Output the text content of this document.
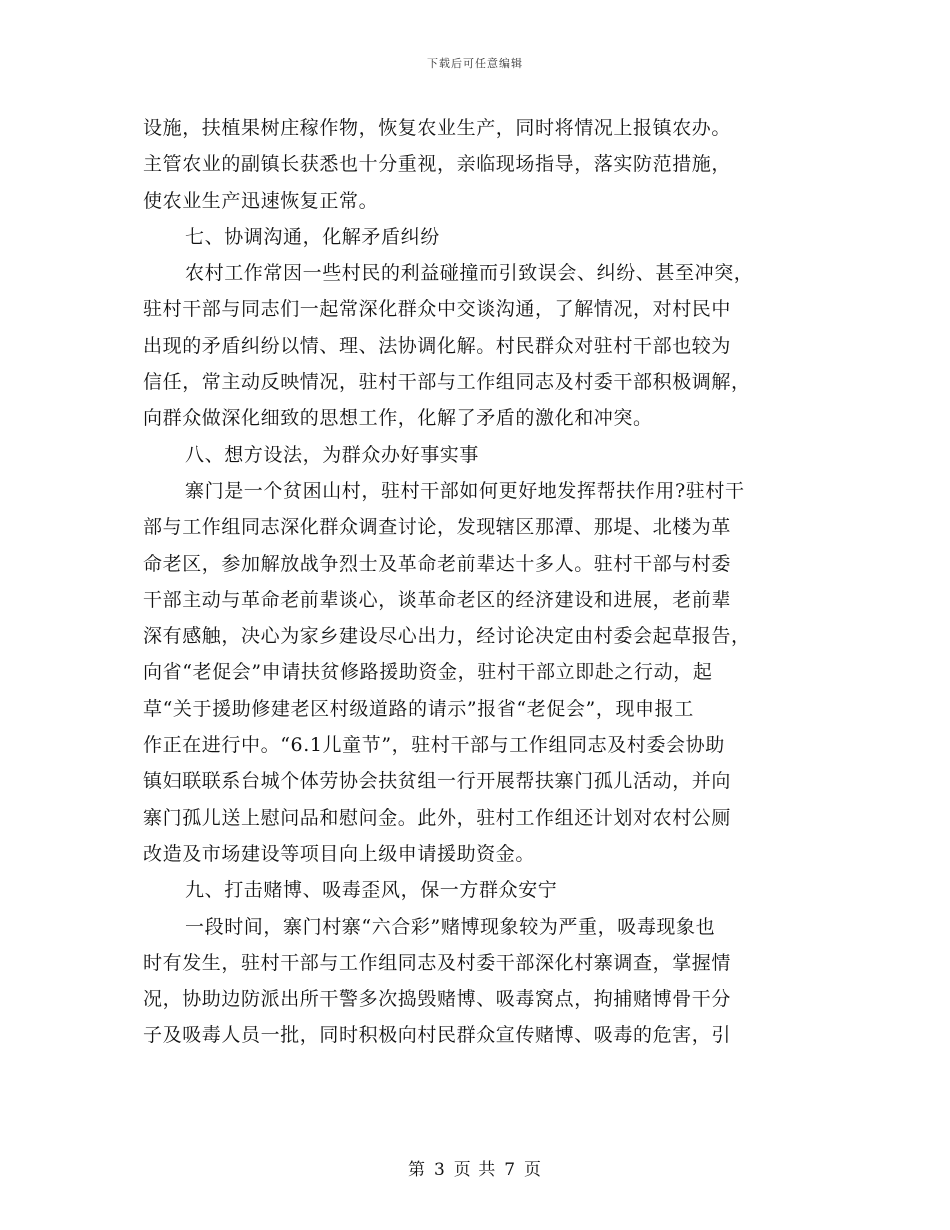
下载后可任意编辑
设施，扶植果树庄稼作物，恢复农业生产，同时将情况上报镇农办。
主管农业的副镇长获悉也十分重视，亲临现场指导，落实防范措施，
使农业生产迅速恢复正常。
七、协调沟通，化解矛盾纠纷
农村工作常因一些村民的利益碰撞而引致误会、纠纷、甚至冲突，
驻村干部与同志们一起常深化群众中交谈沟通，了解情况，对村民中
出现的矛盾纠纷以情、理、法协调化解。村民群众对驻村干部也较为
信任，常主动反映情况，驻村干部与工作组同志及村委干部积极调解，
向群众做深化细致的思想工作，化解了矛盾的激化和冲突。
八、想方设法，为群众办好事实事
寨门是一个贫困山村，驻村干部如何更好地发挥帮扶作用?驻村干
部与工作组同志深化群众调查讨论，发现辖区那潭、那堤、北楼为革
命老区，参加解放战争烈士及革命老前辈达十多人。驻村干部与村委
干部主动与革命老前辈谈心，谈革命老区的经济建设和进展，老前辈
深有感触，决心为家乡建设尽心出力，经讨论决定由村委会起草报告，
向省“老促会”申请扶贫修路援助资金，驻村干部立即赴之行动，起
草“关于援助修建老区村级道路的请示”报省“老促会”，现申报工
作正在进行中。“6.1儿童节”，驻村干部与工作组同志及村委会协助
镇妇联联系台城个体劳协会扶贫组一行开展帮扶寨门孤儿活动，并向
寨门孤儿送上慰问品和慰问金。此外，驻村工作组还计划对农村公厕
改造及市场建设等项目向上级申请援助资金。
九、打击赌博、吸毒歪风，保一方群众安宁
一段时间，寨门村寨“六合彩”赌博现象较为严重，吸毒现象也
时有发生，驻村干部与工作组同志及村委干部深化村寨调查，掌握情
况，协助边防派出所干警多次捣毁赌博、吸毒窝点，拘捕赌博骨干分
子及吸毒人员一批，同时积极向村民群众宣传赌博、吸毒的危害，引
第 3 页 共 7 页
